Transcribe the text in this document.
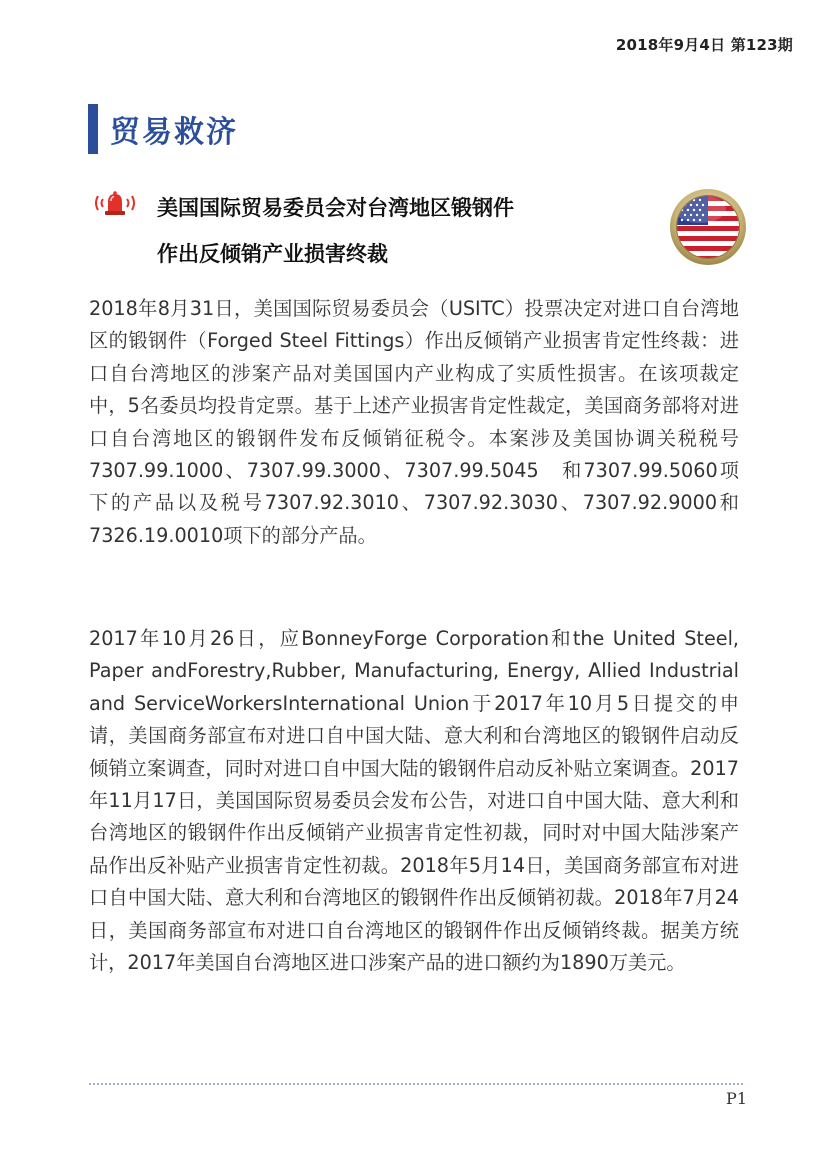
2018年9月4日 第123期
贸易救济
美国国际贸易委员会对台湾地区锻钢件
作出反倾销产业损害终裁

2018年8月31日，美国国际贸易委员会（USITC）投票决定对进口自台湾地区的锻钢件（Forged Steel Fittings）作出反倾销产业损害肯定性终裁：进口自台湾地区的涉案产品对美国国内产业构成了实质性损害。在该项裁定中，5名委员均投肯定票。基于上述产业损害肯定性裁定，美国商务部将对进口自台湾地区的锻钢件发布反倾销征税令。本案涉及美国协调关税税号7307.99.1000、7307.99.3000、7307.99.5045　和7307.99.5060项下的产品以及税号7307.92.3010、7307.92.3030、7307.92.9000和7326.19.0010项下的部分产品。

2017年10月26日，应BonneyForge Corporation和the United Steel, Paper andForestry,Rubber, Manufacturing, Energy, Allied Industrial and ServiceWorkersInternational Union于2017年10月5日提交的申请，美国商务部宣布对进口自中国大陆、意大利和台湾地区的锻钢件启动反倾销立案调查，同时对进口自中国大陆的锻钢件启动反补贴立案调查。2017年11月17日，美国国际贸易委员会发布公告，对进口自中国大陆、意大利和台湾地区的锻钢件作出反倾销产业损害肯定性初裁，同时对中国大陆涉案产品作出反补贴产业损害肯定性初裁。2018年5月14日，美国商务部宣布对进口自中国大陆、意大利和台湾地区的锻钢件作出反倾销初裁。2018年7月24日，美国商务部宣布对进口自台湾地区的锻钢件作出反倾销终裁。据美方统计，2017年美国自台湾地区进口涉案产品的进口额约为1890万美元。

P1
